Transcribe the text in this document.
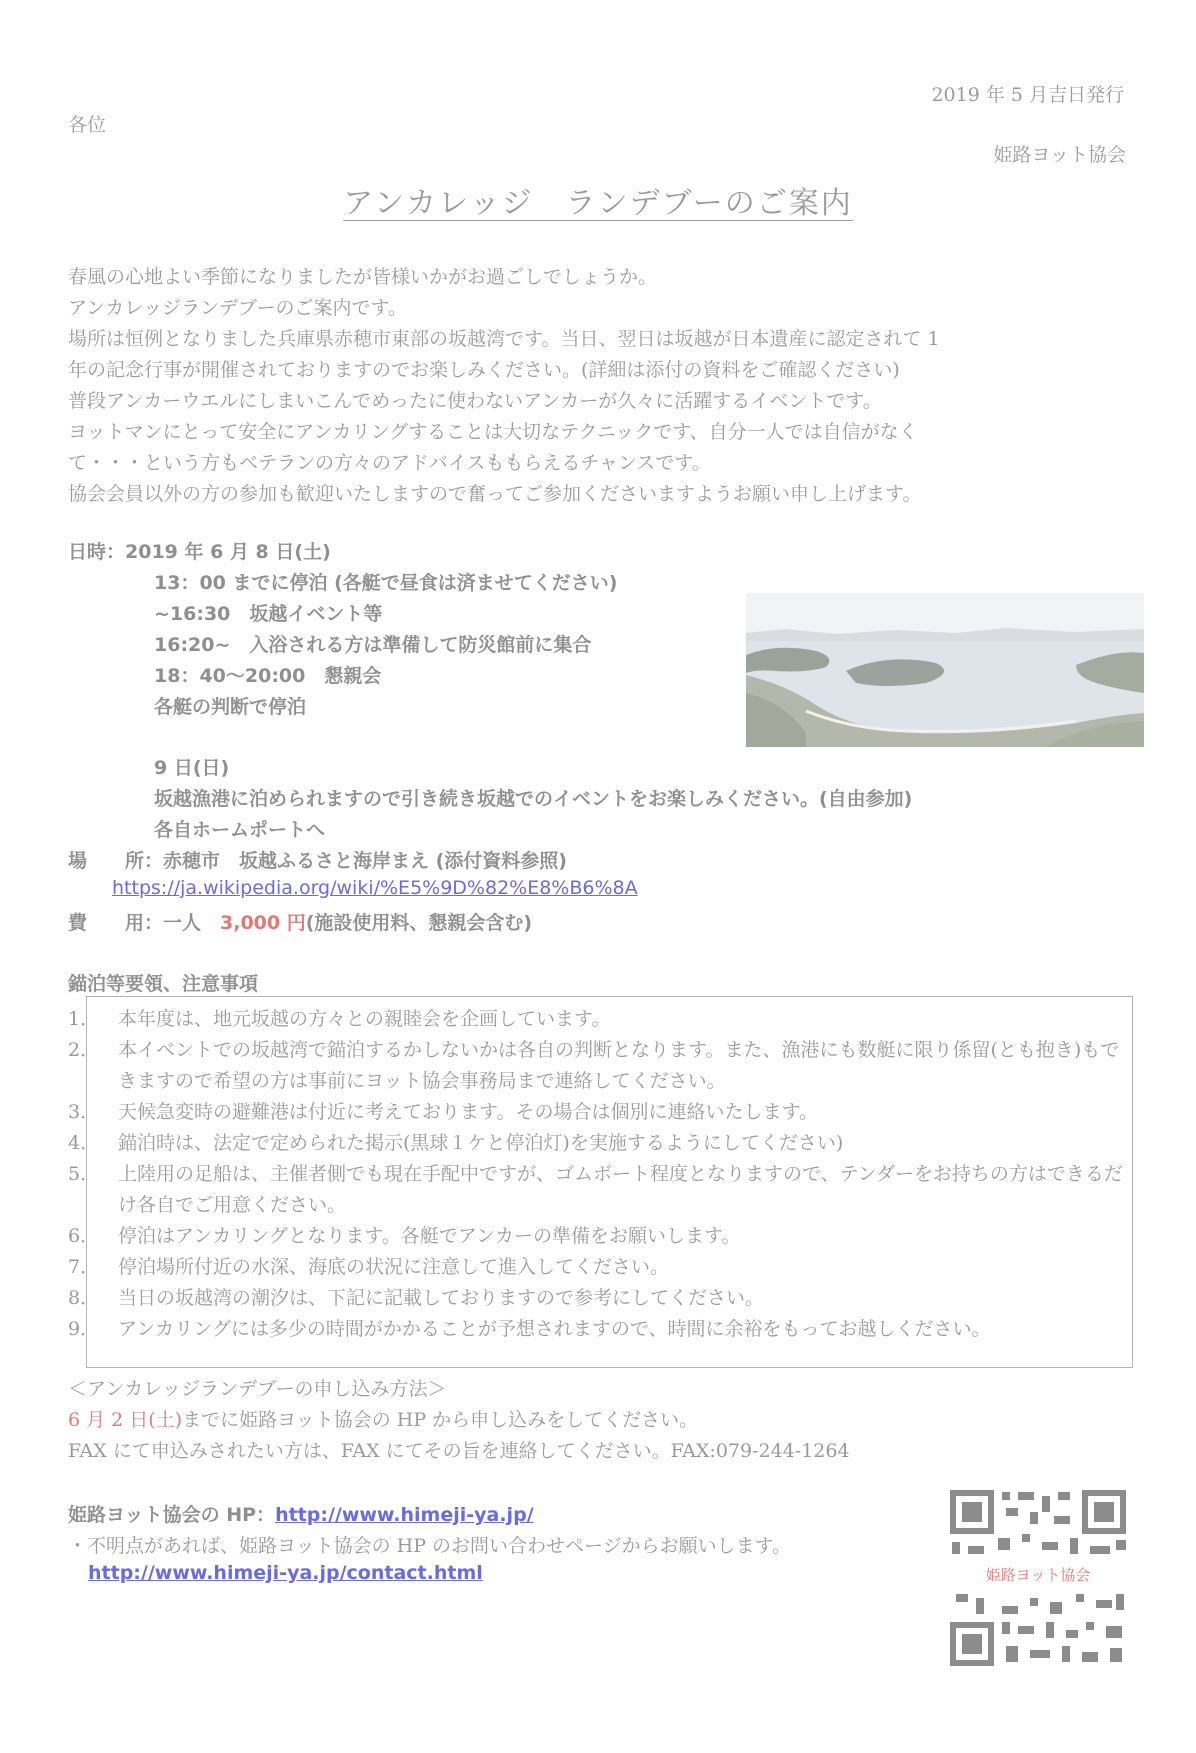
2019 年 5 月吉日発行
各位
姫路ヨット協会
アンカレッジ　ランデブーのご案内
春風の心地よい季節になりましたが皆様いかがお過ごしでしょうか。
アンカレッジランデブーのご案内です。
場所は恒例となりました兵庫県赤穂市東部の坂越湾です。当日、翌日は坂越が日本遺産に認定されて 1
年の記念行事が開催されておりますのでお楽しみください。(詳細は添付の資料をご確認ください)
普段アンカーウエルにしまいこんでめったに使わないアンカーが久々に活躍するイベントです。
ヨットマンにとって安全にアンカリングすることは大切なテクニックです、自分一人では自信がなく
て・・・という方もベテランの方々のアドバイスももらえるチャンスです。
協会会員以外の方の参加も歓迎いたしますので奮ってご参加くださいますようお願い申し上げます。
日時：2019 年 6 月 8 日(土)
13：00 までに停泊 (各艇で昼食は済ませてください)
~16:30　坂越イベント等
16:20~　入浴される方は準備して防災館前に集合
18：40～20:00　懇親会
各艇の判断で停泊
9 日(日)
坂越漁港に泊められますので引き続き坂越でのイベントをお楽しみください。(自由参加)
各自ホームポートへ
場　　所：赤穂市　坂越ふるさと海岸まえ (添付資料参照)
https://ja.wikipedia.org/wiki/%E5%9D%82%E8%B6%8A
費　　用：一人　3,000 円(施設使用料、懇親会含む)
錨泊等要領、注意事項
1． 本年度は、地元坂越の方々との親睦会を企画しています。
2． 本イベントでの坂越湾で錨泊するかしないかは各自の判断となります。また、漁港にも数艇に限り係留(とも抱き)もできますので希望の方は事前にヨット協会事務局まで連絡してください。
3． 天候急変時の避難港は付近に考えております。その場合は個別に連絡いたします。
4． 錨泊時は、法定で定められた掲示(黒球１ケと停泊灯)を実施するようにしてください)
5． 上陸用の足船は、主催者側でも現在手配中ですが、ゴムボート程度となりますので、テンダーをお持ちの方はできるだけ各自でご用意ください。
6． 停泊はアンカリングとなります。各艇でアンカーの準備をお願いします。
7． 停泊場所付近の水深、海底の状況に注意して進入してください。
8． 当日の坂越湾の潮汐は、下記に記載しておりますので参考にしてください。
9． アンカリングには多少の時間がかかることが予想されますので、時間に余裕をもってお越しください。
＜アンカレッジランデブーの申し込み方法＞
6 月 2 日(土)までに姫路ヨット協会の HP から申し込みをしてください。
FAX にて申込みされたい方は、FAX にてその旨を連絡してください。FAX:079-244-1264
姫路ヨット協会の HP：http://www.himeji-ya.jp/
・不明点があれば、姫路ヨット協会の HP のお問い合わせページからお願いします。
http://www.himeji-ya.jp/contact.html	姫路ヨット協会
